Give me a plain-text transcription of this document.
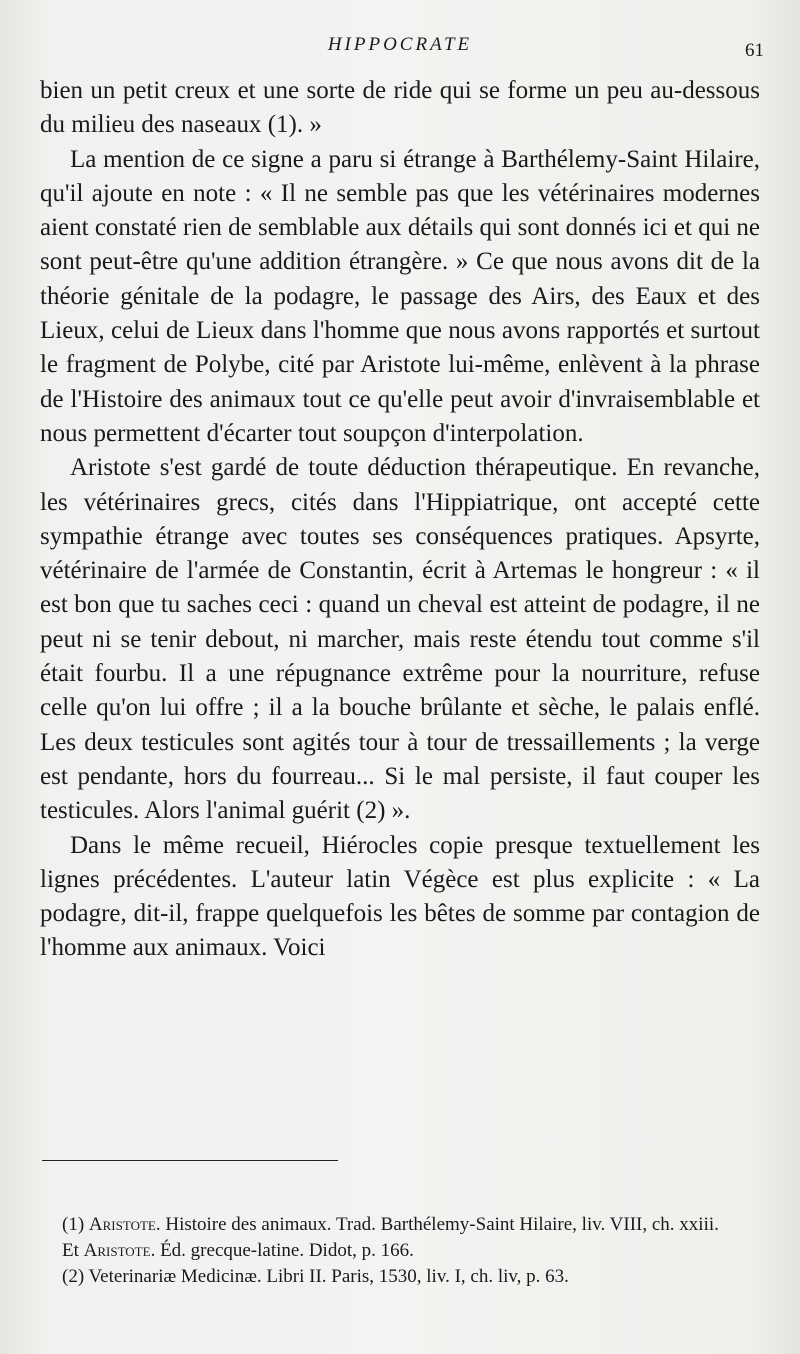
HIPPOCRATE	61

bien un petit creux et une sorte de ride qui se forme un peu au-dessous du milieu des naseaux (1). »

La mention de ce signe a paru si étrange à Barthélemy-Saint Hilaire, qu'il ajoute en note : « Il ne semble pas que les vétérinaires modernes aient constaté rien de semblable aux détails qui sont donnés ici et qui ne sont peut-être qu'une addition étrangère. » Ce que nous avons dit de la théorie génitale de la podagre, le passage des Airs, des Eaux et des Lieux, celui de Lieux dans l'homme que nous avons rapportés et surtout le fragment de Polybe, cité par Aristote lui-même, enlèvent à la phrase de l'Histoire des animaux tout ce qu'elle peut avoir d'invraisemblable et nous permettent d'écarter tout soupçon d'interpolation.

Aristote s'est gardé de toute déduction thérapeutique. En revanche, les vétérinaires grecs, cités dans l'Hippiatrique, ont accepté cette sympathie étrange avec toutes ses conséquences pratiques. Apsyrte, vétérinaire de l'armée de Constantin, écrit à Artemas le hongreur : « il est bon que tu saches ceci : quand un cheval est atteint de podagre, il ne peut ni se tenir debout, ni marcher, mais reste étendu tout comme s'il était fourbu. Il a une répugnance extrême pour la nourriture, refuse celle qu'on lui offre ; il a la bouche brûlante et sèche, le palais enflé. Les deux testicules sont agités tour à tour de tressaillements ; la verge est pendante, hors du fourreau... Si le mal persiste, il faut couper les testicules. Alors l'animal guérit (2) ».

Dans le même recueil, Hiérocles copie presque textuellement les lignes précédentes. L'auteur latin Végèce est plus explicite : « La podagre, dit-il, frappe quelquefois les bêtes de somme par contagion de l'homme aux animaux. Voici

(1) Aristote. Histoire des animaux. Trad. Barthélemy-Saint Hilaire, liv. VIII, ch. xxiii.

Et Aristote. Éd. grecque-latine. Didot, p. 166.

(2) Veterinariæ Medicinæ. Libri II. Paris, 1530, liv. I, ch. liv, p. 63.
